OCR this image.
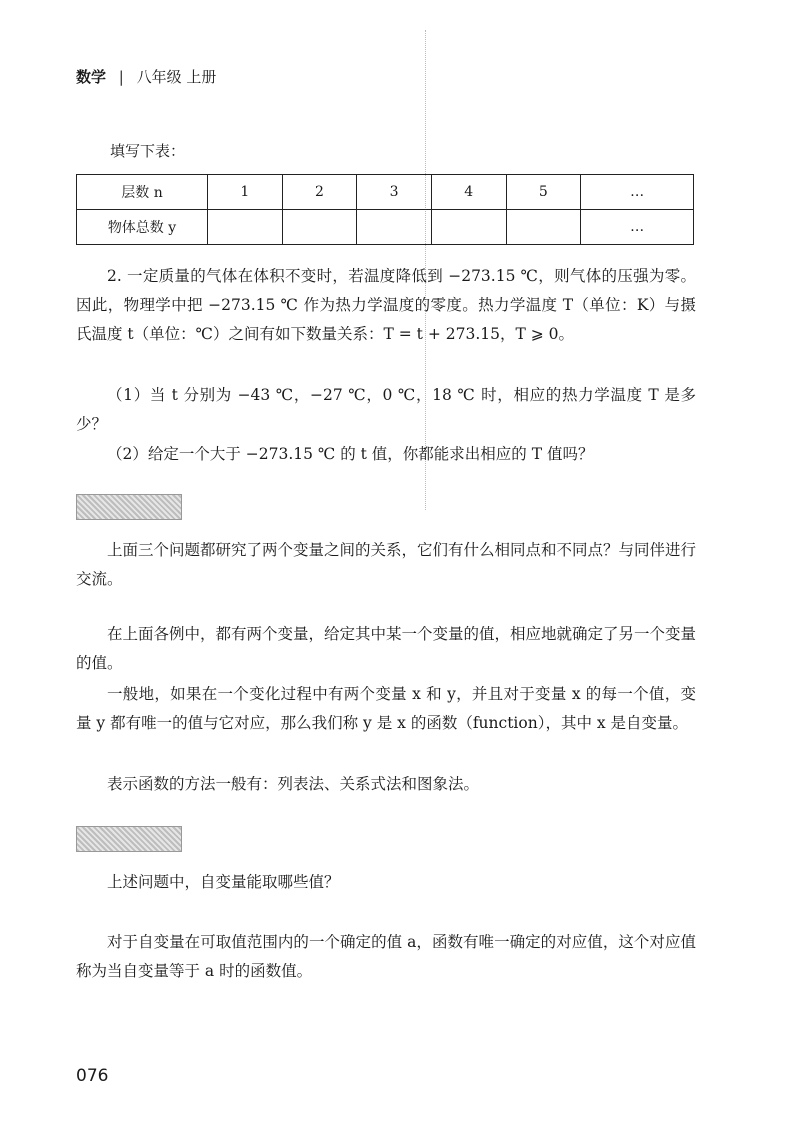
数学 | 八年级 上册
填写下表：
层数 n	1	2	3	4	5	…
物体总数 y						…
2. 一定质量的气体在体积不变时，若温度降低到 −273.15 ℃，则气体的压强为零。因此，物理学中把 −273.15 ℃ 作为热力学温度的零度。热力学温度 T（单位：K）与摄氏温度 t（单位：℃）之间有如下数量关系：T = t + 273.15，T ⩾ 0。
（1）当 t 分别为 −43 ℃，−27 ℃，0 ℃，18 ℃ 时，相应的热力学温度 T 是多少？
（2）给定一个大于 −273.15 ℃ 的 t 值，你都能求出相应的 T 值吗？
上面三个问题都研究了两个变量之间的关系，它们有什么相同点和不同点？与同伴进行交流。
在上面各例中，都有两个变量，给定其中某一个变量的值，相应地就确定了另一个变量的值。
一般地，如果在一个变化过程中有两个变量 x 和 y，并且对于变量 x 的每一个值，变量 y 都有唯一的值与它对应，那么我们称 y 是 x 的函数（function），其中 x 是自变量。
表示函数的方法一般有：列表法、关系式法和图象法。
上述问题中，自变量能取哪些值？
对于自变量在可取值范围内的一个确定的值 a，函数有唯一确定的对应值，这个对应值称为当自变量等于 a 时的函数值。
076
